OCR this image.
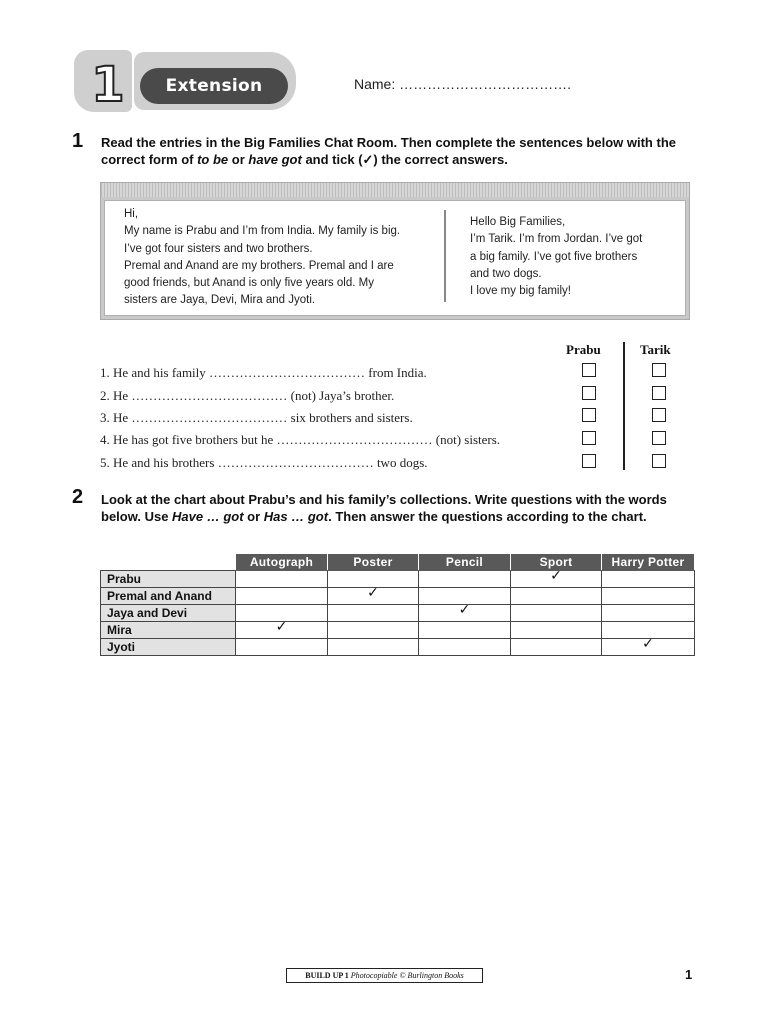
1	Extension	Name: ……………………………….
1 Read the entries in the Big Families Chat Room. Then complete the sentences below with the correct form of to be or have got and tick (✓) the correct answers.
Hi,
My name is Prabu and I’m from India. My family is big.
I’ve got four sisters and two brothers.
Premal and Anand are my brothers. Premal and I are
good friends, but Anand is only five years old. My
sisters are Jaya, Devi, Mira and Jyoti.
Hello Big Families,
I’m Tarik. I’m from Jordan. I’ve got
a big family. I’ve got five brothers
and two dogs.
I love my big family!
Prabu	Tarik
1. He and his family ……………………………… from India.
2. He ……………………………… (not) Jaya’s brother.
3. He ……………………………… six brothers and sisters.
4. He has got five brothers but he ……………………………… (not) sisters.
5. He and his brothers ……………………………… two dogs.
2 Look at the chart about Prabu’s and his family’s collections. Write questions with the words below. Use Have … got or Has … got. Then answer the questions according to the chart.
	Autograph	Poster	Pencil	Sport	Harry Potter
Prabu				✓	
Premal and Anand		✓			
Jaya and Devi			✓		
Mira	✓				
Jyoti					✓
BUILD UP 1 Photocopiable © Burlington Books	1
